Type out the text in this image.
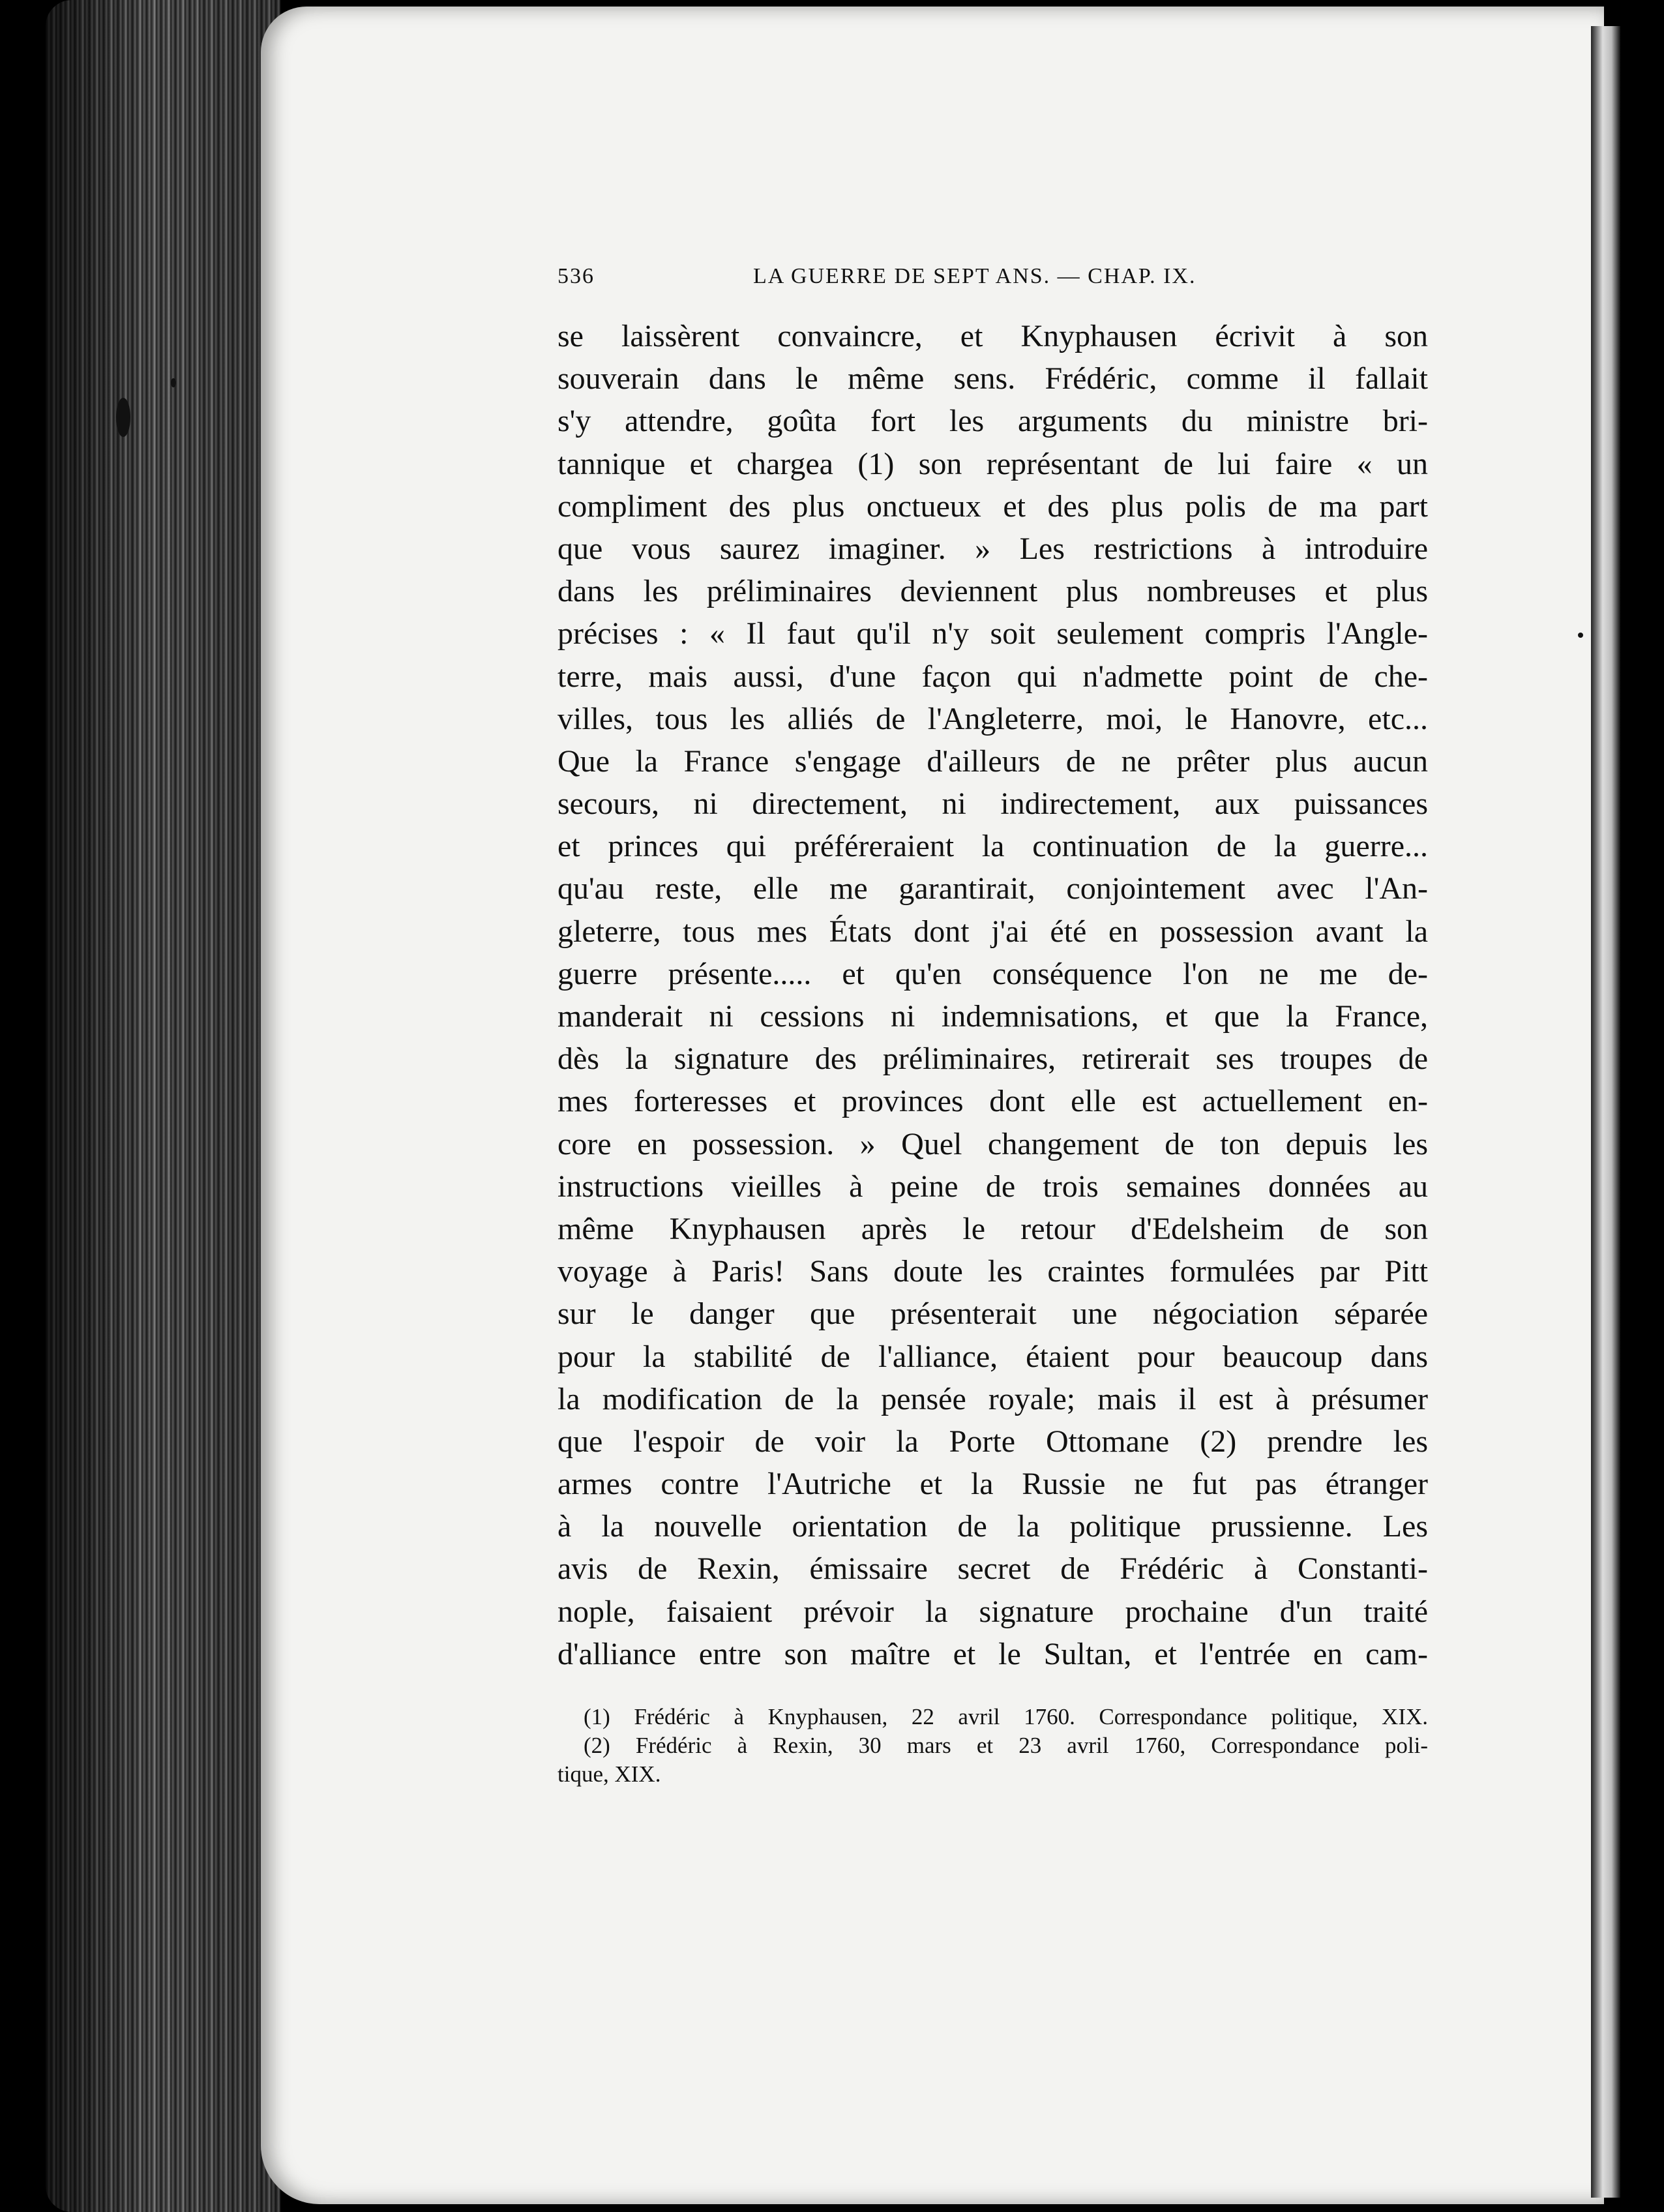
536	LA GUERRE DE SEPT ANS. — CHAP. IX.
se laissèrent convaincre, et Knyphausen écrivit à son
souverain dans le même sens. Frédéric, comme il fallait
s'y attendre, goûta fort les arguments du ministre bri-
tannique et chargea (1) son représentant de lui faire « un
compliment des plus onctueux et des plus polis de ma part
que vous saurez imaginer. » Les restrictions à introduire
dans les préliminaires deviennent plus nombreuses et plus
précises : « Il faut qu'il n'y soit seulement compris l'Angle-
terre, mais aussi, d'une façon qui n'admette point de che-
villes, tous les alliés de l'Angleterre, moi, le Hanovre, etc...
Que la France s'engage d'ailleurs de ne prêter plus aucun
secours, ni directement, ni indirectement, aux puissances
et princes qui préféreraient la continuation de la guerre...
qu'au reste, elle me garantirait, conjointement avec l'An-
gleterre, tous mes États dont j'ai été en possession avant la
guerre présente..... et qu'en conséquence l'on ne me de-
manderait ni cessions ni indemnisations, et que la France,
dès la signature des préliminaires, retirerait ses troupes de
mes forteresses et provinces dont elle est actuellement en-
core en possession. » Quel changement de ton depuis les
instructions vieilles à peine de trois semaines données au
même Knyphausen après le retour d'Edelsheim de son
voyage à Paris! Sans doute les craintes formulées par Pitt
sur le danger que présenterait une négociation séparée
pour la stabilité de l'alliance, étaient pour beaucoup dans
la modification de la pensée royale; mais il est à présumer
que l'espoir de voir la Porte Ottomane (2) prendre les
armes contre l'Autriche et la Russie ne fut pas étranger
à la nouvelle orientation de la politique prussienne. Les
avis de Rexin, émissaire secret de Frédéric à Constanti-
nople, faisaient prévoir la signature prochaine d'un traité
d'alliance entre son maître et le Sultan, et l'entrée en cam-
(1) Frédéric à Knyphausen, 22 avril 1760. Correspondance politique, XIX.
(2) Frédéric à Rexin, 30 mars et 23 avril 1760, Correspondance poli-
tique, XIX.
